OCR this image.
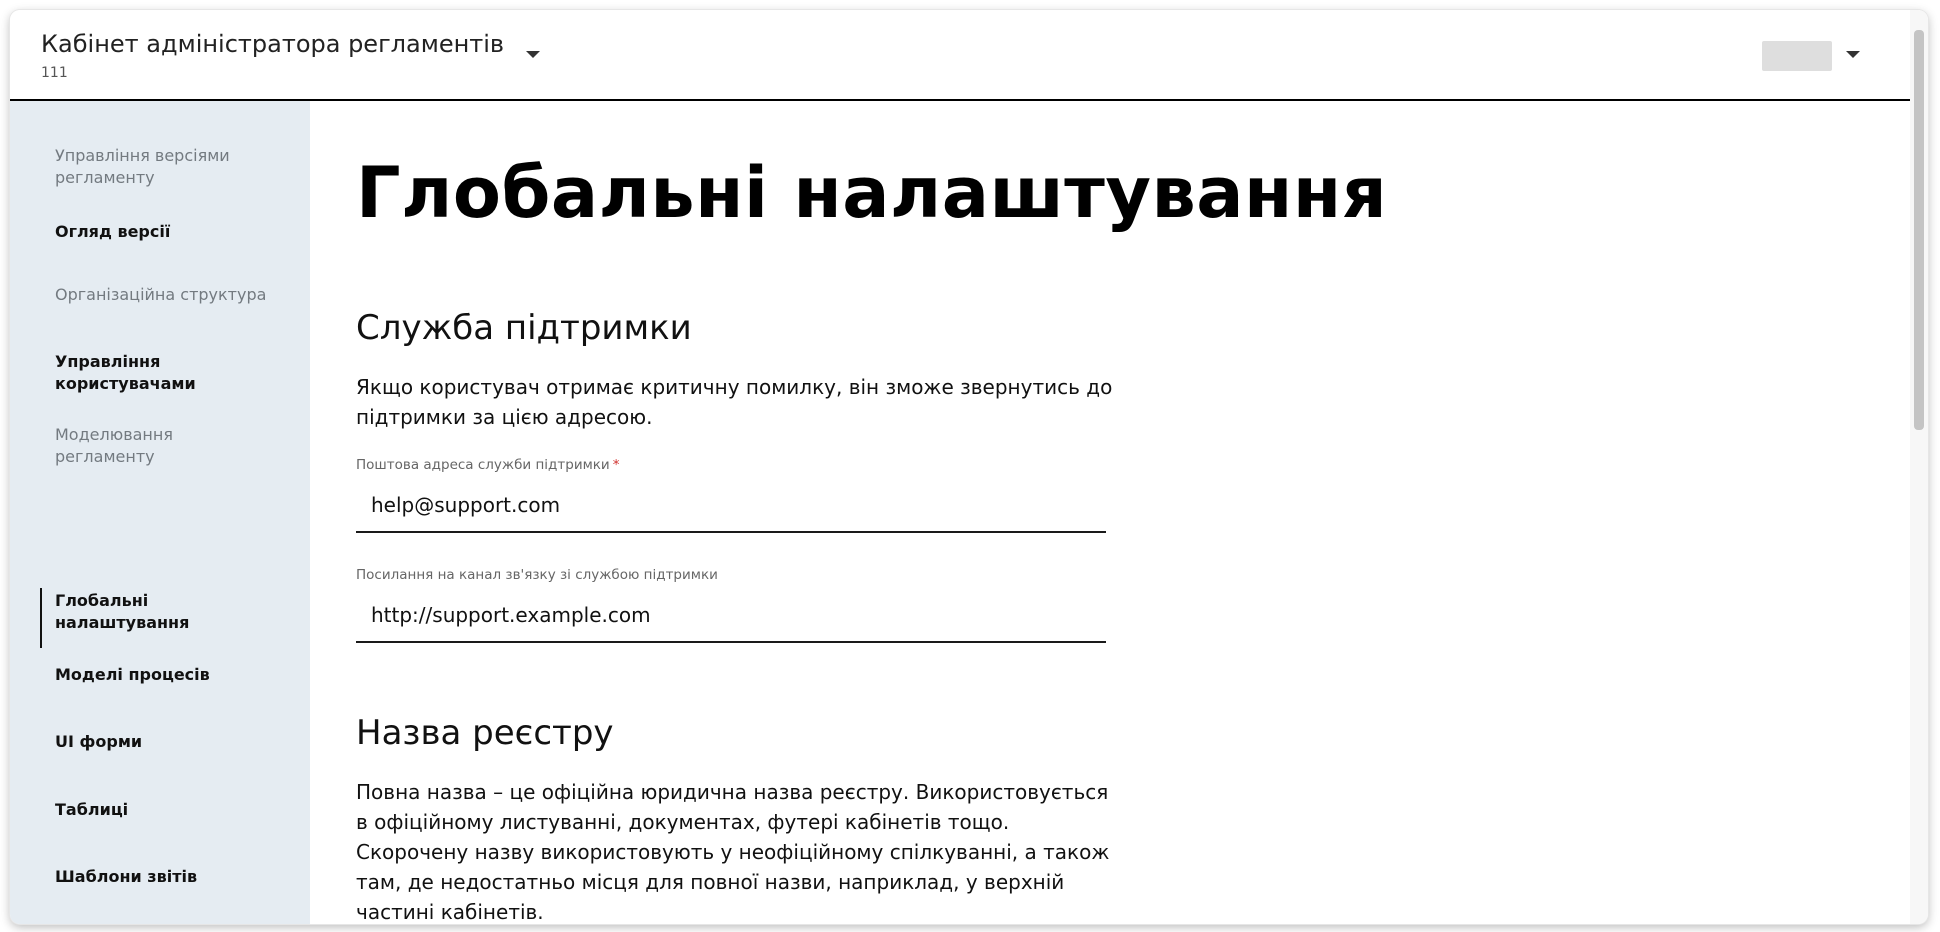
Кабінет адміністратора регламентів
111
Управління версіями регламенту
Огляд версії
Організаційна структура
Управління користувачами
Моделювання регламенту
Глобальні налаштування
Моделі процесів
UI форми
Таблиці
Шаблони звітів
Глобальні налаштування
Служба підтримки
Якщо користувач отримає критичну помилку, він зможе звернутись до підтримки за цією адресою.
Поштова адреса служби підтримки *
help@support.com
Посилання на канал зв'язку зі службою підтримки
http://support.example.com
Назва реєстру
Повна назва – це офіційна юридична назва реєстру. Використовується в офіційному листуванні, документах, футері кабінетів тощо. Скорочену назву використовують у неофіційному спілкуванні, а також там, де недостатньо місця для повної назви, наприклад, у верхній частині кабінетів.
